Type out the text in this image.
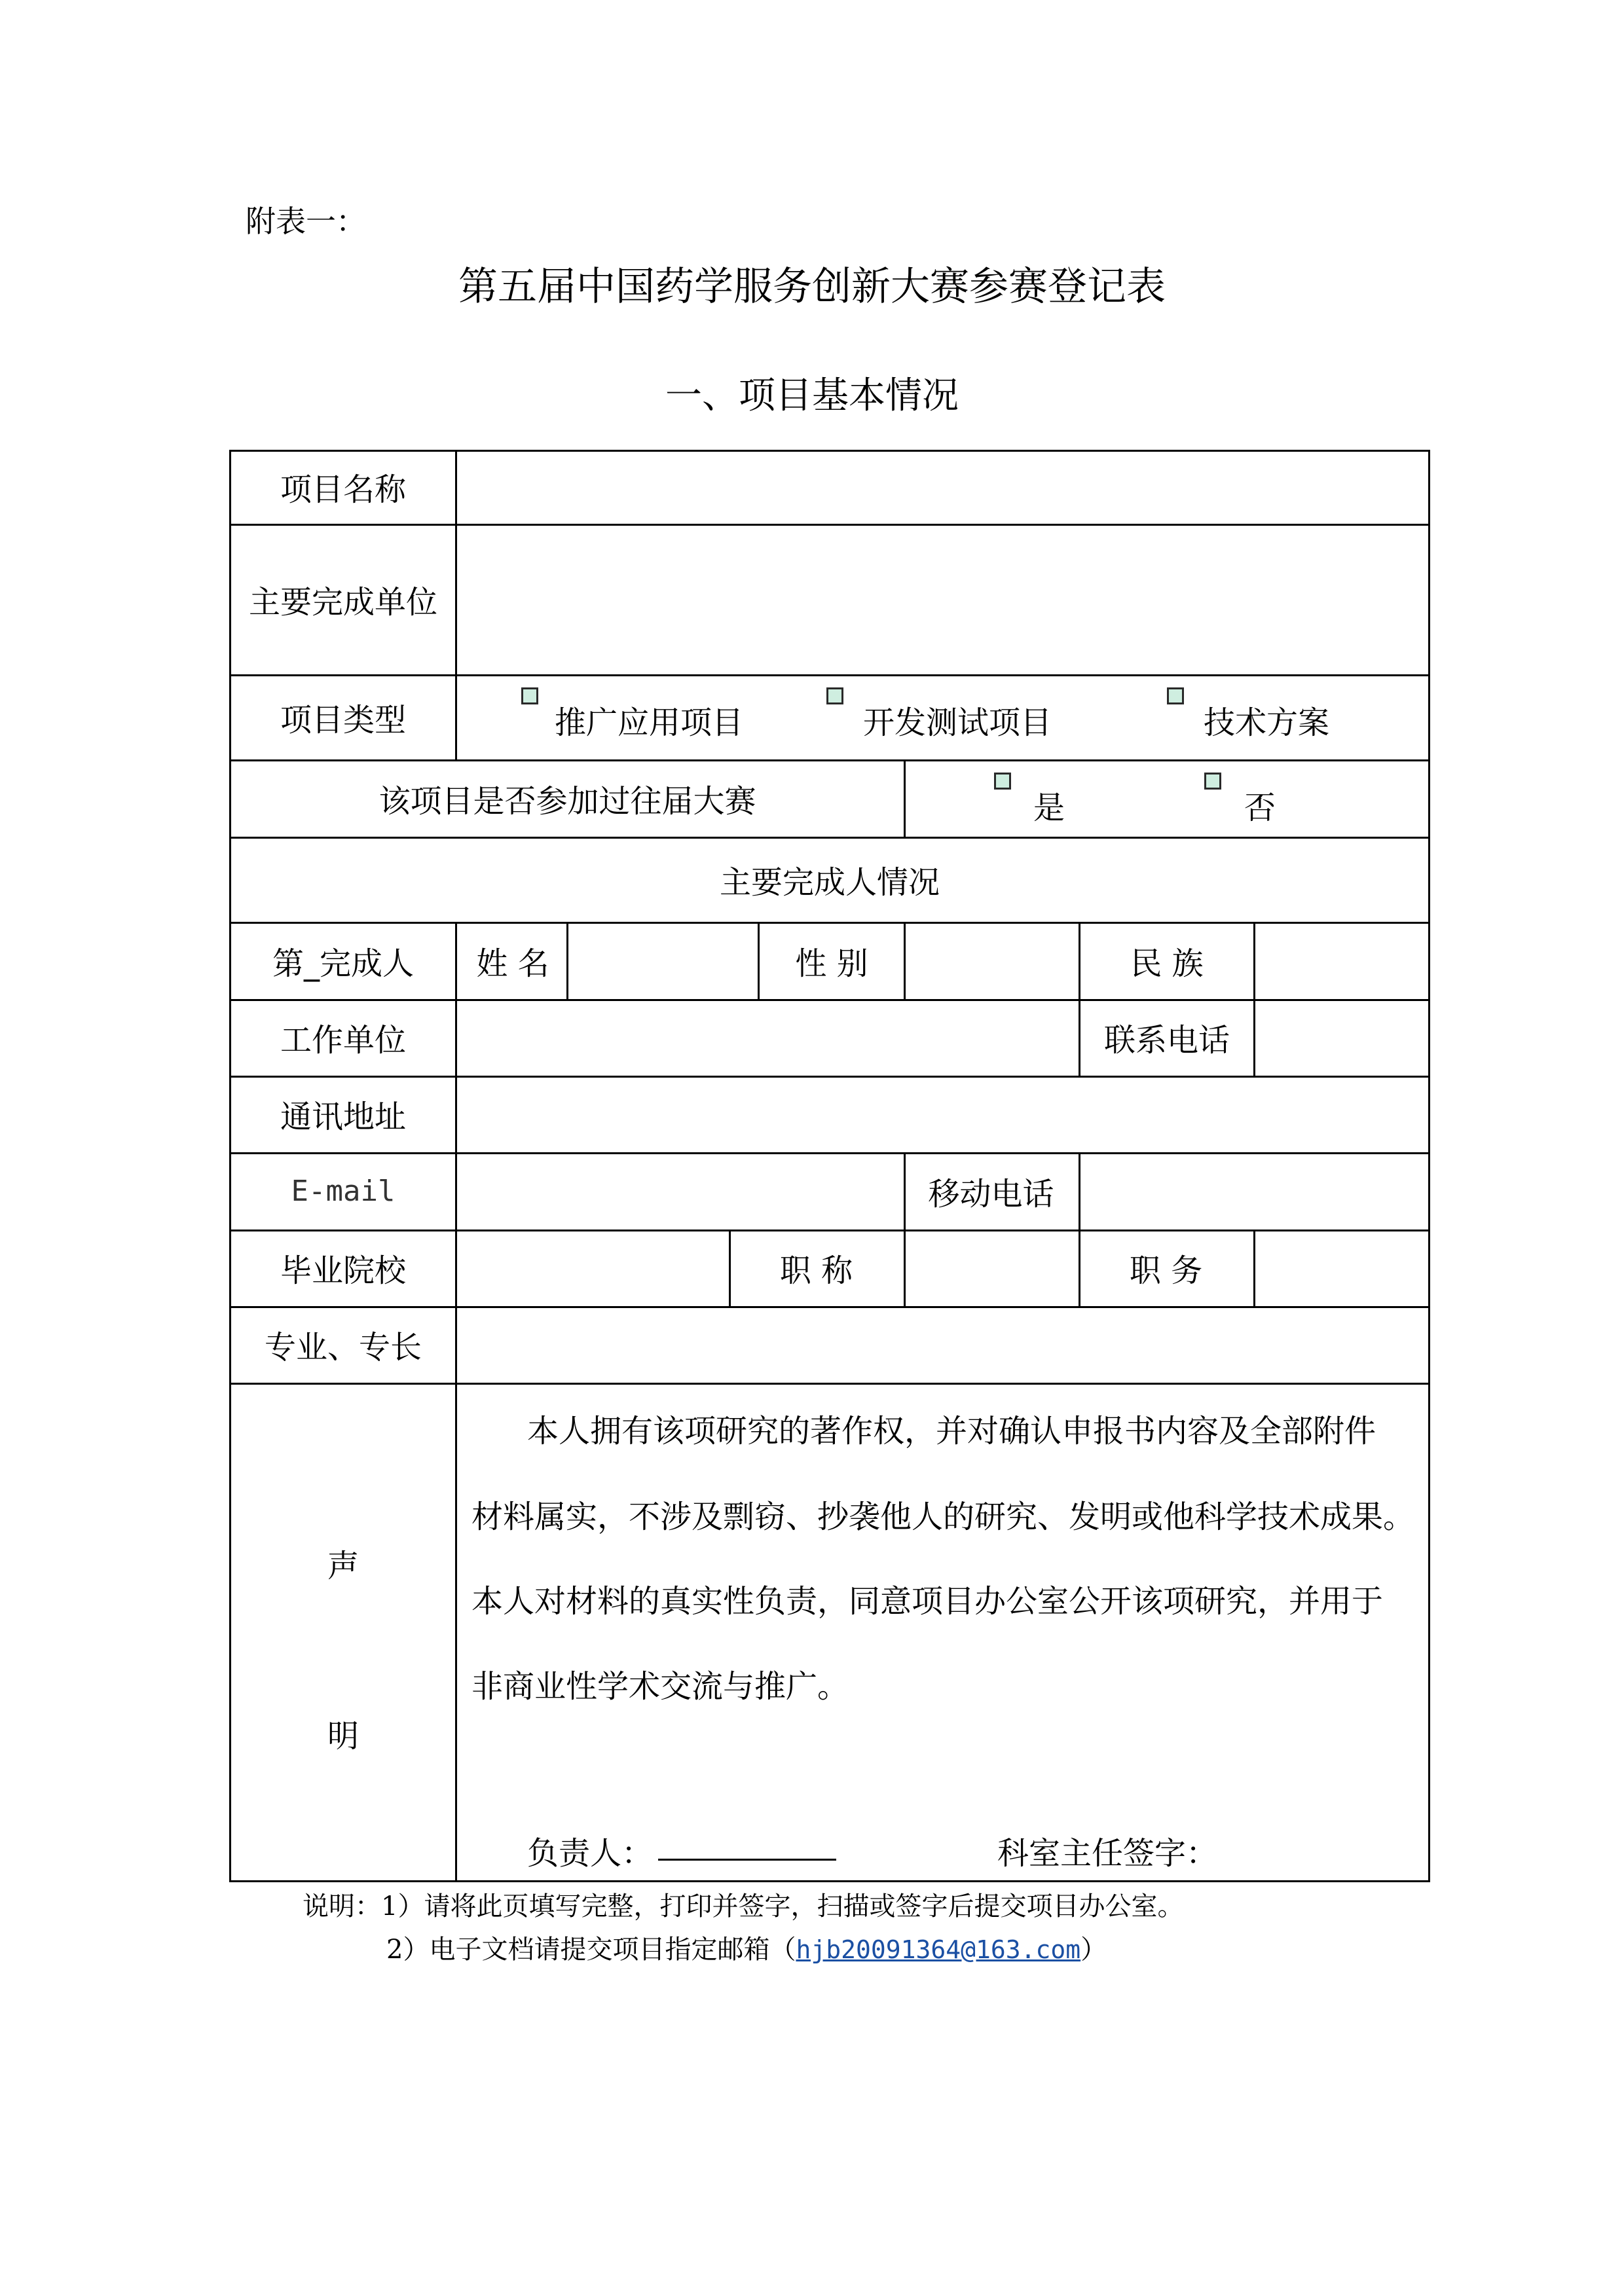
附表一：
第五届中国药学服务创新大赛参赛登记表
一、项目基本情况
项目名称
主要完成单位
项目类型	推广应用项目	开发测试项目	技术方案
该项目是否参加过往届大赛	是	否
主要完成人情况
第_完成人	姓 名	性 别	民 族
工作单位	联系电话
通讯地址
E-mail	移动电话
毕业院校	职 称	职 务
专业、专长
声
明
本人拥有该项研究的著作权，并对确认申报书内容及全部附件
材料属实，不涉及剽窃、抄袭他人的研究、发明或他科学技术成果。
本人对材料的真实性负责，同意项目办公室公开该项研究，并用于
非商业性学术交流与推广。
负责人：	科室主任签字：
说明：1）请将此页填写完整，打印并签字，扫描或签字后提交项目办公室。
2）电子文档请提交项目指定邮箱（hjb20091364@163.com）
